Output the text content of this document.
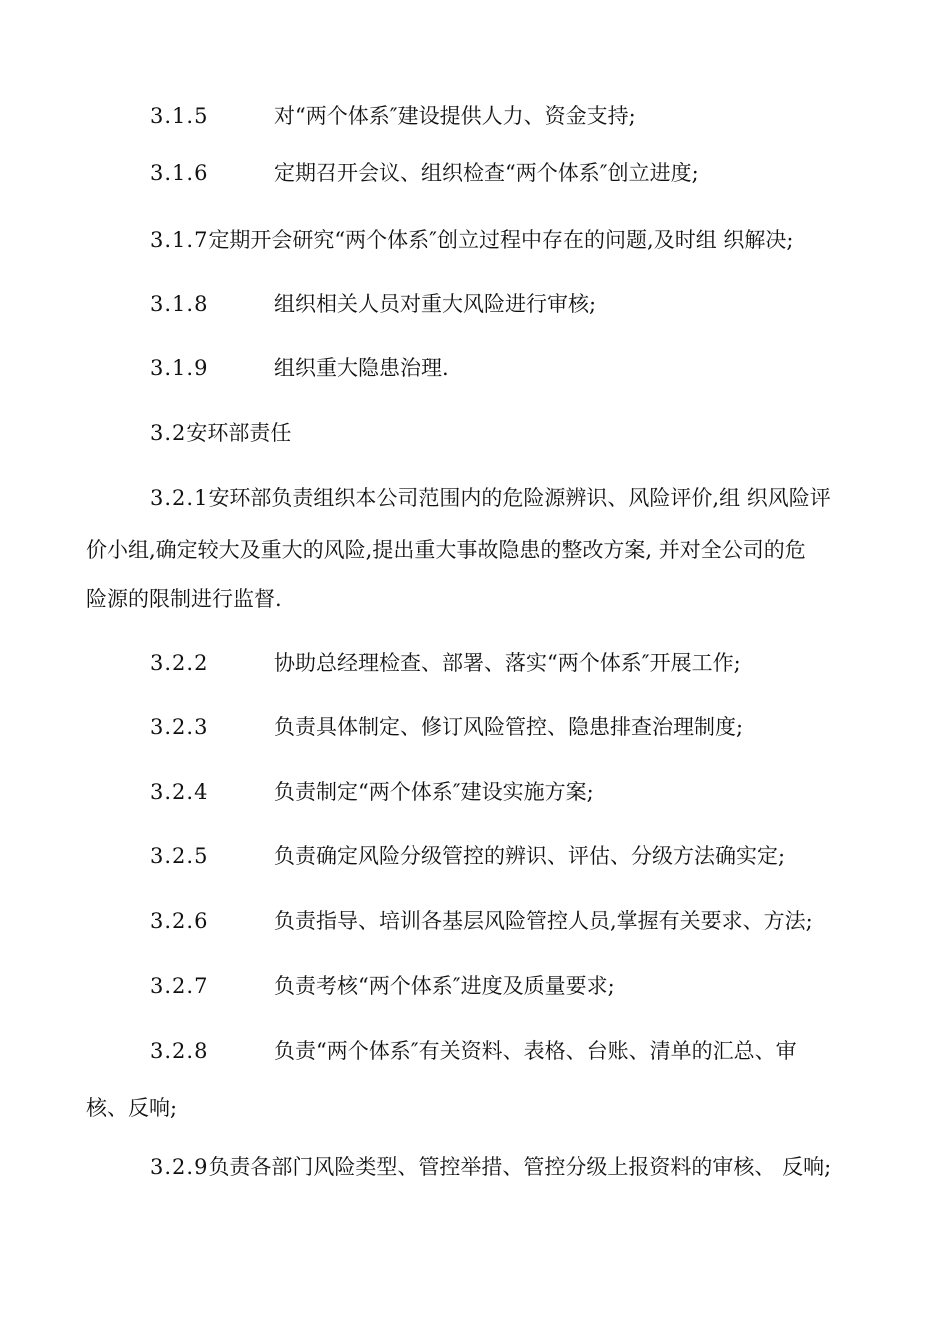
3.1.5	对“两个体系″建设提供人力、资金支持;
3.1.6	定期召开会议、组织检查“两个体系″创立进度;
3.1.7定期开会研究“两个体系″创立过程中存在的问题,及时组 织解决;
3.1.8	组织相关人员对重大风险进行审核;
3.1.9	组织重大隐患治理.
3.2安环部责任
3.2.1安环部负责组织本公司范围内的危险源辨识、风险评价,组 织风险评
价小组,确定较大及重大的风险,提出重大事故隐患的整改方案, 并对全公司的危
险源的限制进行监督.
3.2.2	协助总经理检查、部署、落实“两个体系″开展工作;
3.2.3	负责具体制定、修订风险管控、隐患排查治理制度;
3.2.4	负责制定“两个体系″建设实施方案;
3.2.5	负责确定风险分级管控的辨识、评估、分级方法确实定;
3.2.6	负责指导、培训各基层风险管控人员,掌握有关要求、方法;
3.2.7	负责考核“两个体系″进度及质量要求;
3.2.8	负责“两个体系″有关资料、表格、台账、清单的汇总、审
核、反响;
3.2.9负责各部门风险类型、管控举措、管控分级上报资料的审核、 反响;
